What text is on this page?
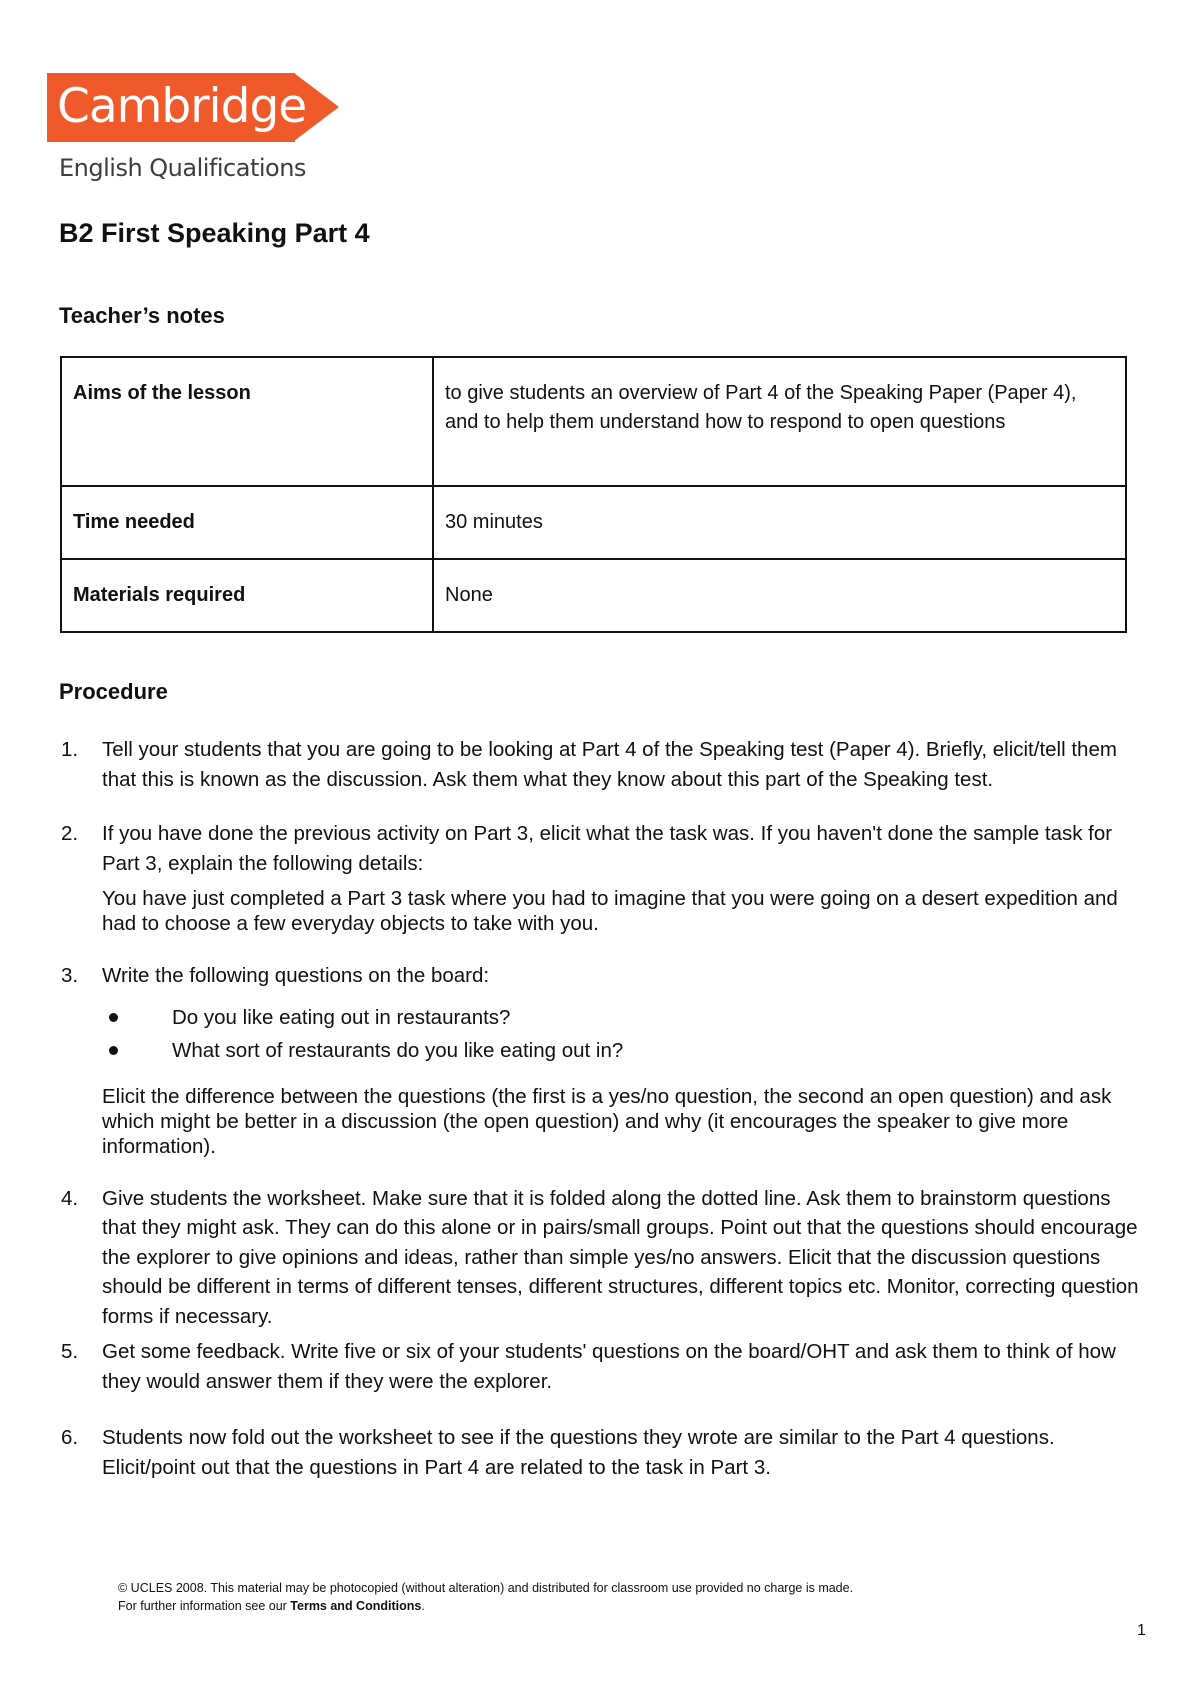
Cambridge
English Qualifications
B2 First Speaking Part 4
Teacher’s notes
Aims of the lesson	to give students an overview of Part 4 of the Speaking Paper (Paper 4), and to help them understand how to respond to open questions
Time needed	30 minutes
Materials required	None
Procedure
1. Tell your students that you are going to be looking at Part 4 of the Speaking test (Paper 4). Briefly, elicit/tell them that this is known as the discussion. Ask them what they know about this part of the Speaking test.

2. If you have done the previous activity on Part 3, elicit what the task was. If you haven't done the sample task for Part 3, explain the following details:

You have just completed a Part 3 task where you had to imagine that you were going on a desert expedition and had to choose a few everyday objects to take with you.

3. Write the following questions on the board:

Do you like eating out in restaurants?
What sort of restaurants do you like eating out in?

Elicit the difference between the questions (the first is a yes/no question, the second an open question) and ask which might be better in a discussion (the open question) and why (it encourages the speaker to give more information).

4. Give students the worksheet. Make sure that it is folded along the dotted line. Ask them to brainstorm questions that they might ask. They can do this alone or in pairs/small groups. Point out that the questions should encourage the explorer to give opinions and ideas, rather than simple yes/no answers. Elicit that the discussion questions should be different in terms of different tenses, different structures, different topics etc. Monitor, correcting question forms if necessary.

5. Get some feedback. Write five or six of your students' questions on the board/OHT and ask them to think of how they would answer them if they were the explorer.

6. Students now fold out the worksheet to see if the questions they wrote are similar to the Part 4 questions. Elicit/point out that the questions in Part 4 are related to the task in Part 3.

© UCLES 2008. This material may be photocopied (without alteration) and distributed for classroom use provided no charge is made.
For further information see our Terms and Conditions.
1
